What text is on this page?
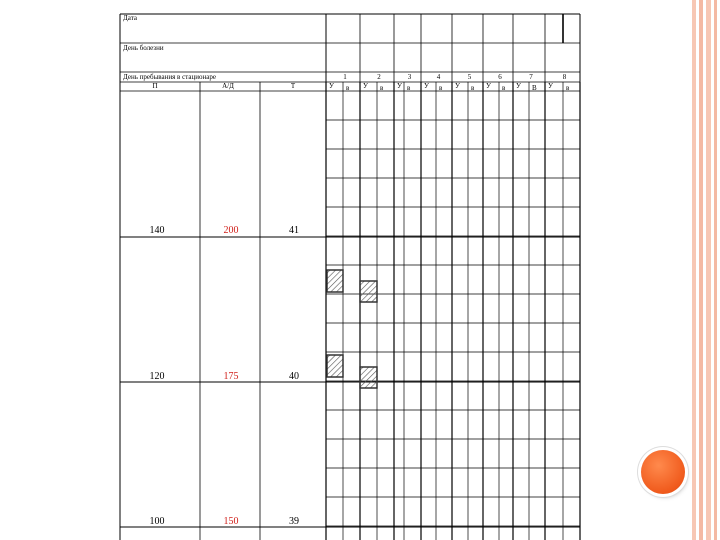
1	2	3	4	5	6	7	8
У в У в У в У в У в У в У В У в
Дата
День болезни
День пребывания в стационаре
П	А/Д	Т
140	200	41
120	175	40
100	150	39
